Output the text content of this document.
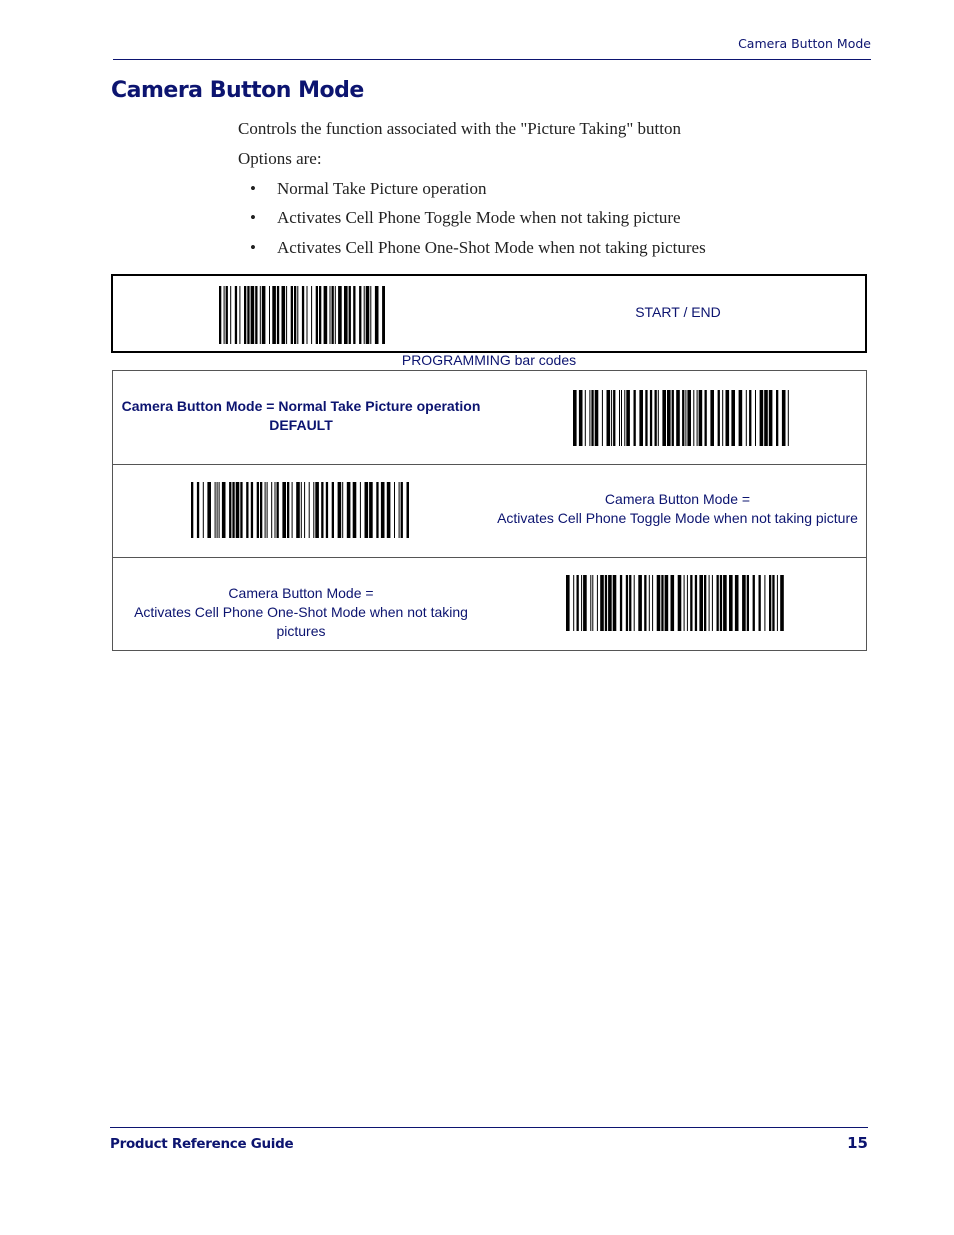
Camera Button Mode
Camera Button Mode
Controls the function associated with the "Picture Taking" button
Options are:
• Normal Take Picture operation
• Activates Cell Phone Toggle Mode when not taking picture
• Activates Cell Phone One-Shot Mode when not taking pictures
START / END
PROGRAMMING bar codes
Camera Button Mode = Normal Take Picture operation
DEFAULT
Camera Button Mode =
Activates Cell Phone Toggle Mode when not taking picture
Camera Button Mode =
Activates Cell Phone One-Shot Mode when not taking pictures
Product Reference Guide	15
